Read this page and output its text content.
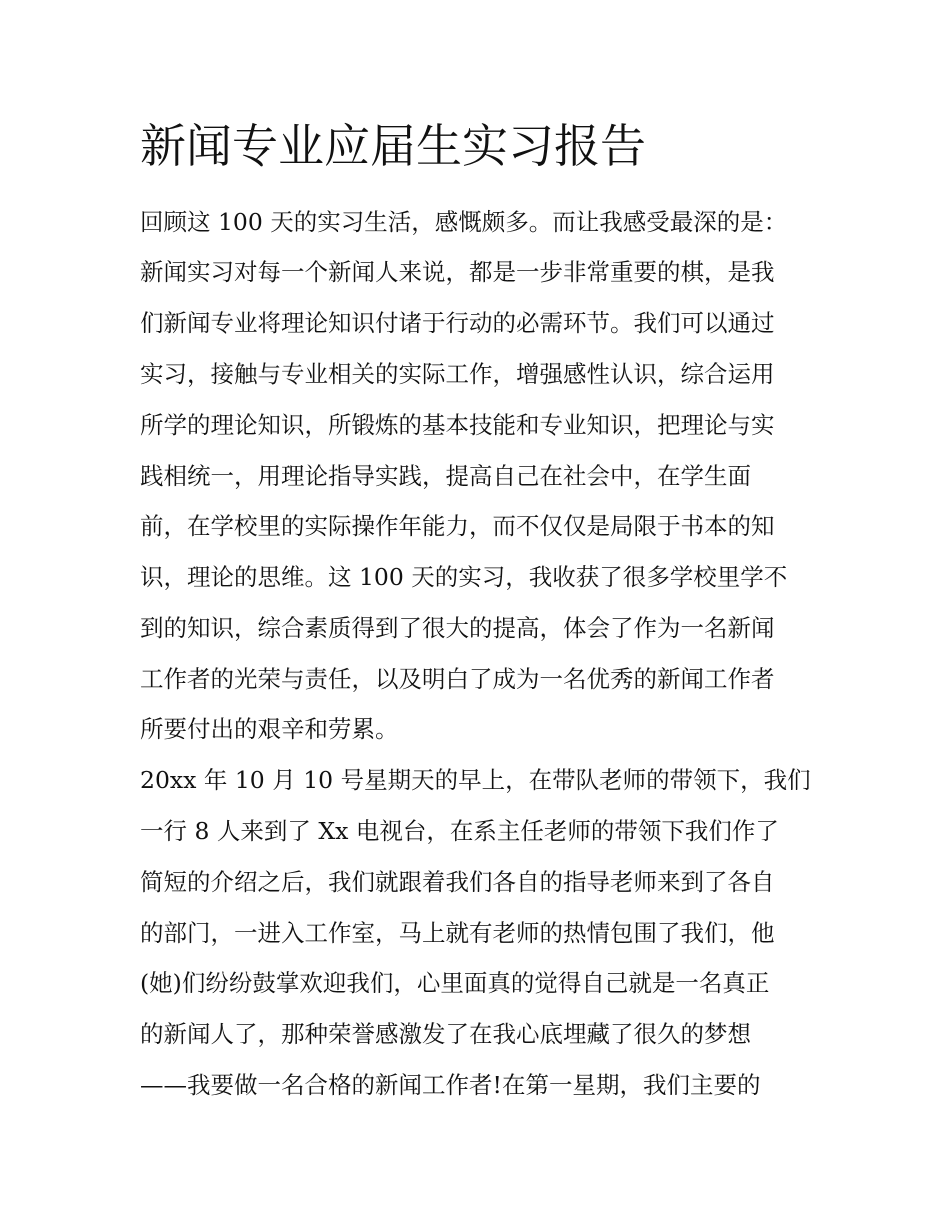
新闻专业应届生实习报告

回顾这 100 天的实习生活，感慨颇多。而让我感受最深的是：

新闻实习对每一个新闻人来说，都是一步非常重要的棋，是我

们新闻专业将理论知识付诸于行动的必需环节。我们可以通过

实习，接触与专业相关的实际工作，增强感性认识，综合运用

所学的理论知识，所锻炼的基本技能和专业知识，把理论与实

践相统一，用理论指导实践，提高自己在社会中，在学生面

前，在学校里的实际操作年能力，而不仅仅是局限于书本的知

识，理论的思维。这 100 天的实习，我收获了很多学校里学不

到的知识，综合素质得到了很大的提高，体会了作为一名新闻

工作者的光荣与责任，以及明白了成为一名优秀的新闻工作者

所要付出的艰辛和劳累。

20xx 年 10 月 10 号星期天的早上，在带队老师的带领下，我们

一行 8 人来到了 Xx 电视台，在系主任老师的带领下我们作了

简短的介绍之后，我们就跟着我们各自的指导老师来到了各自

的部门，一进入工作室，马上就有老师的热情包围了我们，他

(她)们纷纷鼓掌欢迎我们，心里面真的觉得自己就是一名真正

的新闻人了，那种荣誉感激发了在我心底埋藏了很久的梦想

——我要做一名合格的新闻工作者!在第一星期，我们主要的
